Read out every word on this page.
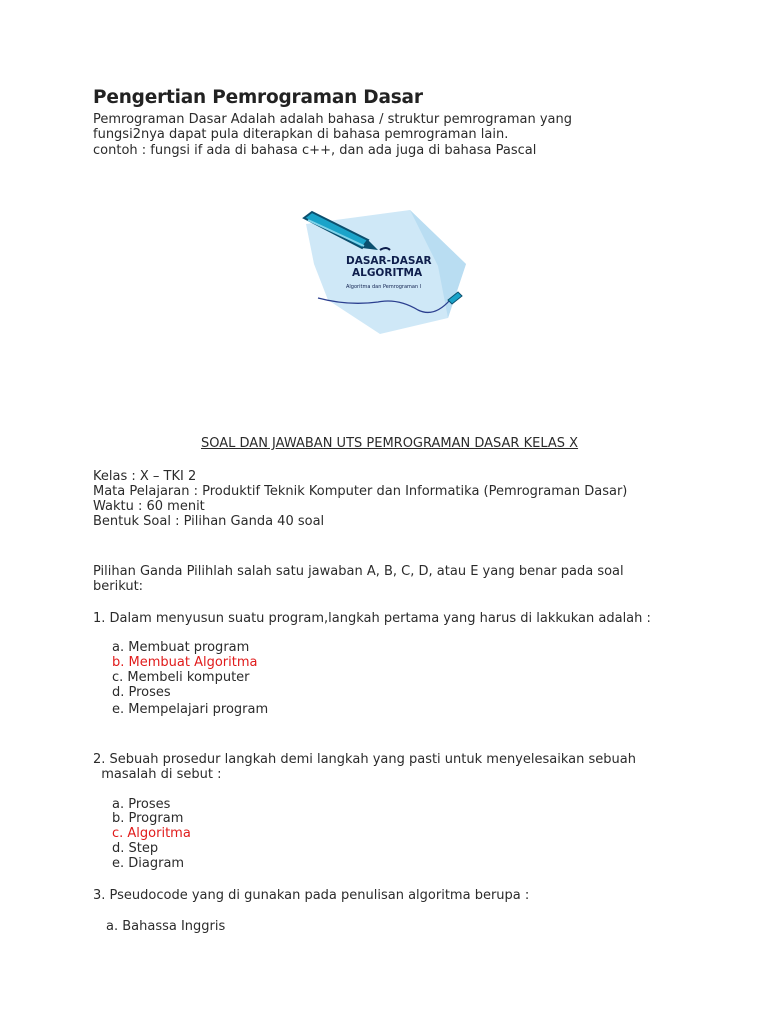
Pengertian Pemrograman Dasar
Pemrograman Dasar Adalah adalah bahasa / struktur pemrograman yang
fungsi2nya dapat pula diterapkan di bahasa pemrograman lain.
contoh : fungsi if ada di bahasa c++, dan ada juga di bahasa Pascal
DASAR-DASAR
ALGORITMA
Algoritma dan Pemrograman I
SOAL DAN JAWABAN UTS PEMROGRAMAN DASAR KELAS X
Kelas : X – TKI 2
Mata Pelajaran : Produktif Teknik Komputer dan Informatika (Pemrograman Dasar)
Waktu : 60 menit
Bentuk Soal : Pilihan Ganda 40 soal
Pilihan Ganda Pilihlah salah satu jawaban A, B, C, D, atau E yang benar pada soal
berikut:
1. Dalam menyusun suatu program,langkah pertama yang harus di lakkukan adalah :
a. Membuat program
b. Membuat Algoritma
c. Membeli komputer
d. Proses
e. Mempelajari program
2. Sebuah prosedur langkah demi langkah yang pasti untuk menyelesaikan sebuah
masalah di sebut :
a. Proses
b. Program
c. Algoritma
d. Step
e. Diagram
3. Pseudocode yang di gunakan pada penulisan algoritma berupa :
a. Bahassa Inggris
